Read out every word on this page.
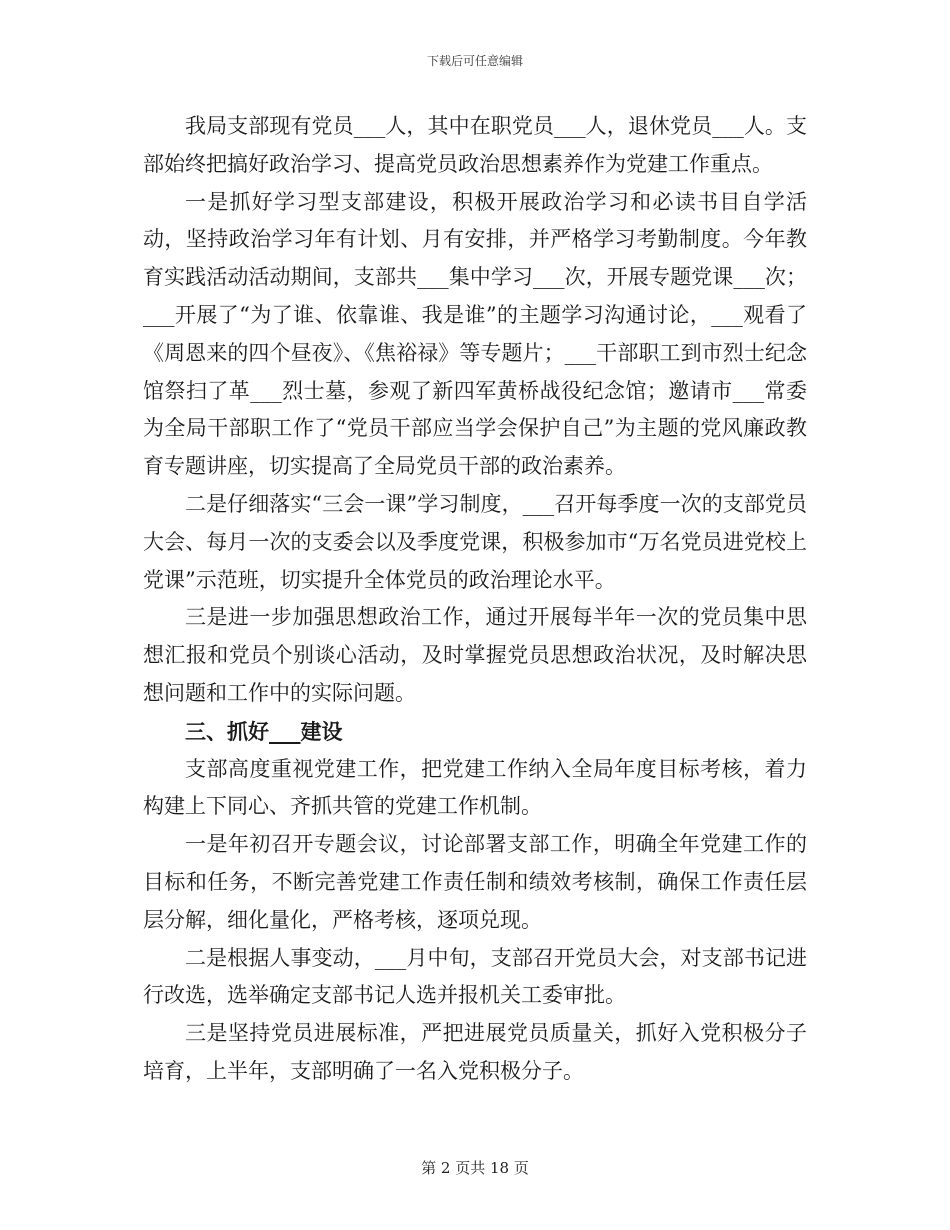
下载后可任意编辑

我局支部现有党员___人，其中在职党员___人，退休党员___人。支部始终把搞好政治学习、提高党员政治思想素养作为党建工作重点。

一是抓好学习型支部建设，积极开展政治学习和必读书目自学活动，坚持政治学习年有计划、月有安排，并严格学习考勤制度。今年教育实践活动活动期间，支部共___集中学习___次，开展专题党课___次；___开展了“为了谁、依靠谁、我是谁”的主题学习沟通讨论，___观看了《周恩来的四个昼夜》、《焦裕禄》等专题片；___干部职工到市烈士纪念馆祭扫了革___烈士墓，参观了新四军黄桥战役纪念馆；邀请市___常委为全局干部职工作了“党员干部应当学会保护自己”为主题的党风廉政教育专题讲座，切实提高了全局党员干部的政治素养。

二是仔细落实“三会一课”学习制度，___召开每季度一次的支部党员大会、每月一次的支委会以及季度党课，积极参加市“万名党员进党校上党课”示范班，切实提升全体党员的政治理论水平。

三是进一步加强思想政治工作，通过开展每半年一次的党员集中思想汇报和党员个别谈心活动，及时掌握党员思想政治状况，及时解决思想问题和工作中的实际问题。

三、抓好___建设

支部高度重视党建工作，把党建工作纳入全局年度目标考核，着力构建上下同心、齐抓共管的党建工作机制。

一是年初召开专题会议，讨论部署支部工作，明确全年党建工作的目标和任务，不断完善党建工作责任制和绩效考核制，确保工作责任层层分解，细化量化，严格考核，逐项兑现。

二是根据人事变动，___月中旬，支部召开党员大会，对支部书记进行改选，选举确定支部书记人选并报机关工委审批。

三是坚持党员进展标准，严把进展党员质量关，抓好入党积极分子培育，上半年，支部明确了一名入党积极分子。

第 2 页共 18 页
